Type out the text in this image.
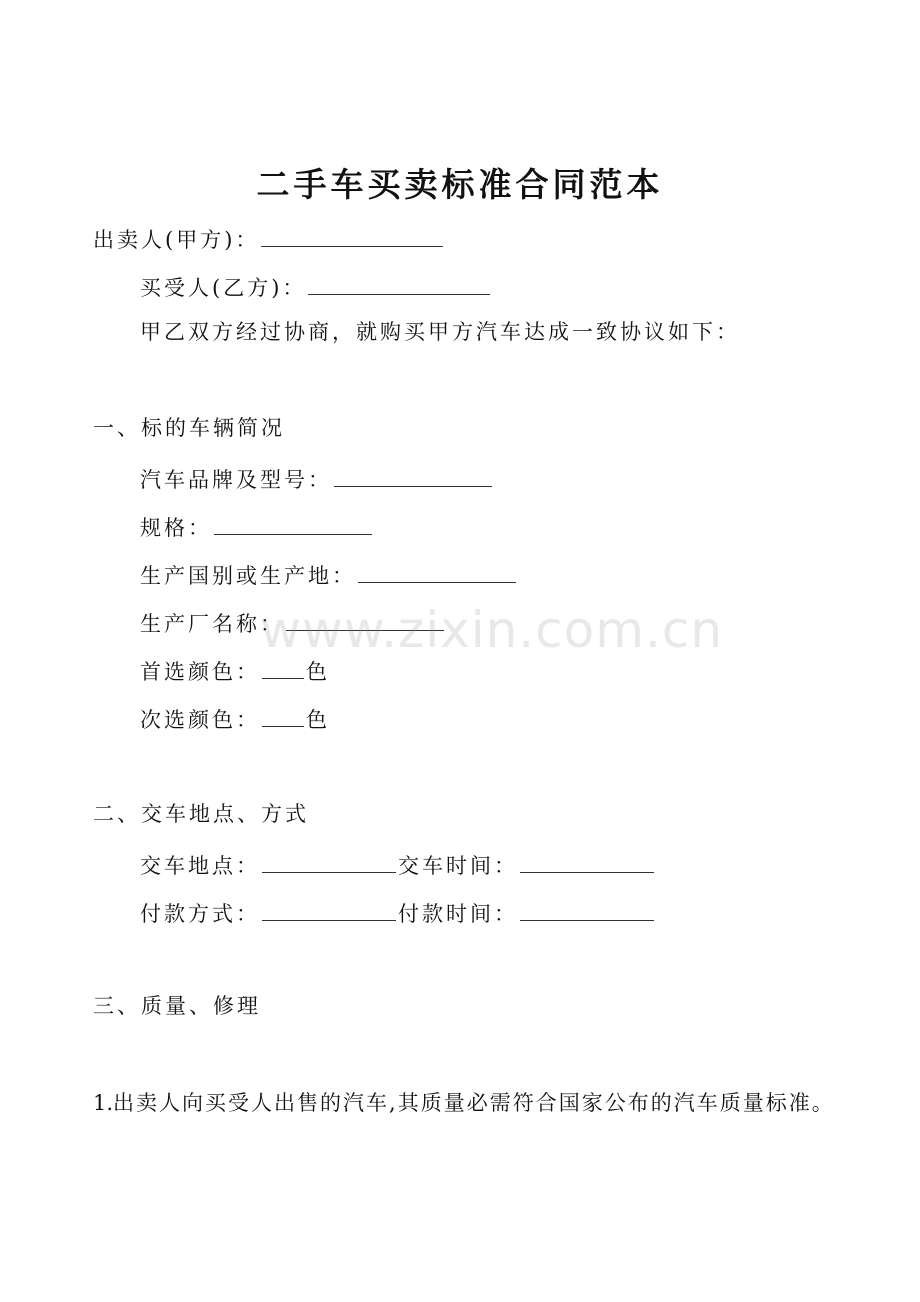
二手车买卖标准合同范本
出卖人(甲方)：
买受人(乙方)：
甲乙双方经过协商，就购买甲方汽车达成一致协议如下：
一、标的车辆简况
汽车品牌及型号：
规格：
生产国别或生产地：
生产厂名称：
首选颜色： 色
次选颜色： 色
二、交车地点、方式
交车地点：	交车时间：
付款方式：	付款时间：
三、质量、修理
1.出卖人向买受人出售的汽车,其质量必需符合国家公布的汽车质量标准。
www.zixin.com.cn
